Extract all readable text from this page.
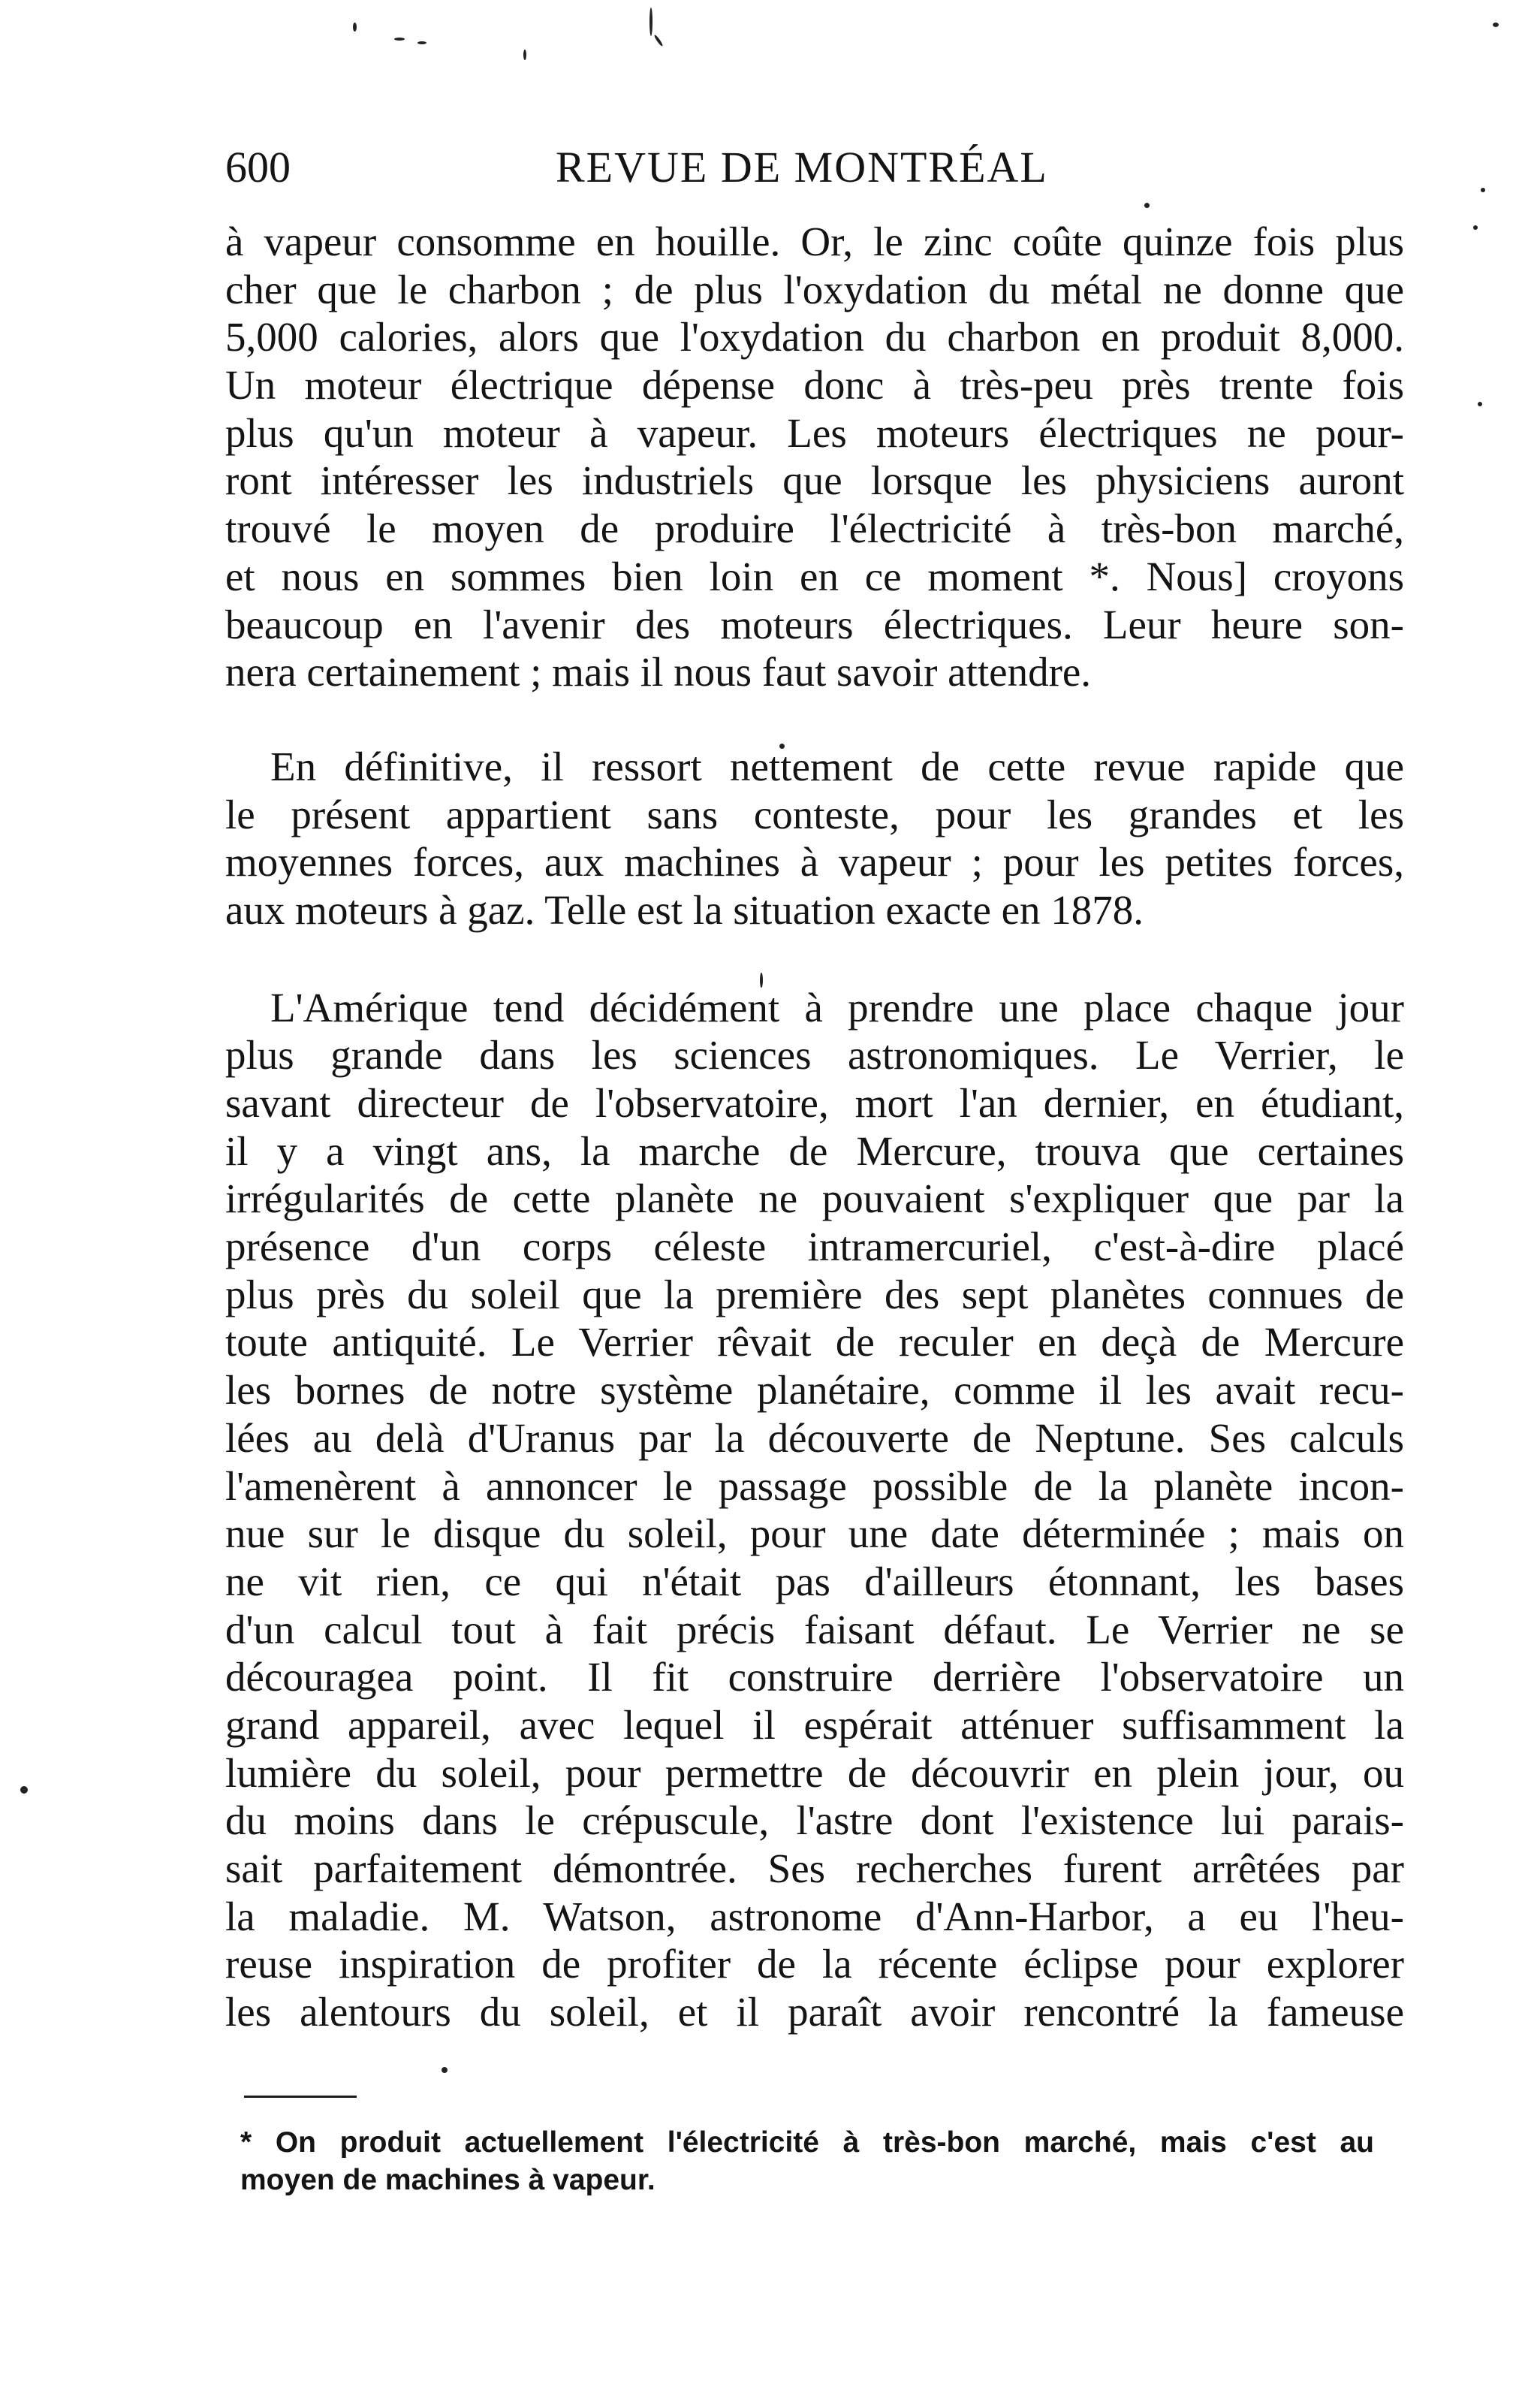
600	REVUE DE MONTRÉAL
à vapeur consomme en houille. Or, le zinc coûte quinze fois plus
cher que le charbon ; de plus l'oxydation du métal ne donne que
5,000 calories, alors que l'oxydation du charbon en produit 8,000.
Un moteur électrique dépense donc à très-peu près trente fois
plus qu'un moteur à vapeur. Les moteurs électriques ne pour-
ront intéresser les industriels que lorsque les physiciens auront
trouvé le moyen de produire l'électricité à très-bon marché,
et nous en sommes bien loin en ce moment *. Nous] croyons
beaucoup en l'avenir des moteurs électriques. Leur heure son-
nera certainement ; mais il nous faut savoir attendre.
En définitive, il ressort nettement de cette revue rapide que
le présent appartient sans conteste, pour les grandes et les
moyennes forces, aux machines à vapeur ; pour les petites forces,
aux moteurs à gaz. Telle est la situation exacte en 1878.
L'Amérique tend décidément à prendre une place chaque jour
plus grande dans les sciences astronomiques. Le Verrier, le
savant directeur de l'observatoire, mort l'an dernier, en étudiant,
il y a vingt ans, la marche de Mercure, trouva que certaines
irrégularités de cette planète ne pouvaient s'expliquer que par la
présence d'un corps céleste intramercuriel, c'est-à-dire placé
plus près du soleil que la première des sept planètes connues de
toute antiquité. Le Verrier rêvait de reculer en deçà de Mercure
les bornes de notre système planétaire, comme il les avait recu-
lées au delà d'Uranus par la découverte de Neptune. Ses calculs
l'amenèrent à annoncer le passage possible de la planète incon-
nue sur le disque du soleil, pour une date déterminée ; mais on
ne vit rien, ce qui n'était pas d'ailleurs étonnant, les bases
d'un calcul tout à fait précis faisant défaut. Le Verrier ne se
découragea point. Il fit construire derrière l'observatoire un
grand appareil, avec lequel il espérait atténuer suffisamment la
lumière du soleil, pour permettre de découvrir en plein jour, ou
du moins dans le crépuscule, l'astre dont l'existence lui parais-
sait parfaitement démontrée. Ses recherches furent arrêtées par
la maladie. M. Watson, astronome d'Ann-Harbor, a eu l'heu-
reuse inspiration de profiter de la récente éclipse pour explorer
les alentours du soleil, et il paraît avoir rencontré la fameuse
* On produit actuellement l'électricité à très-bon marché, mais c'est au
moyen de machines à vapeur.
